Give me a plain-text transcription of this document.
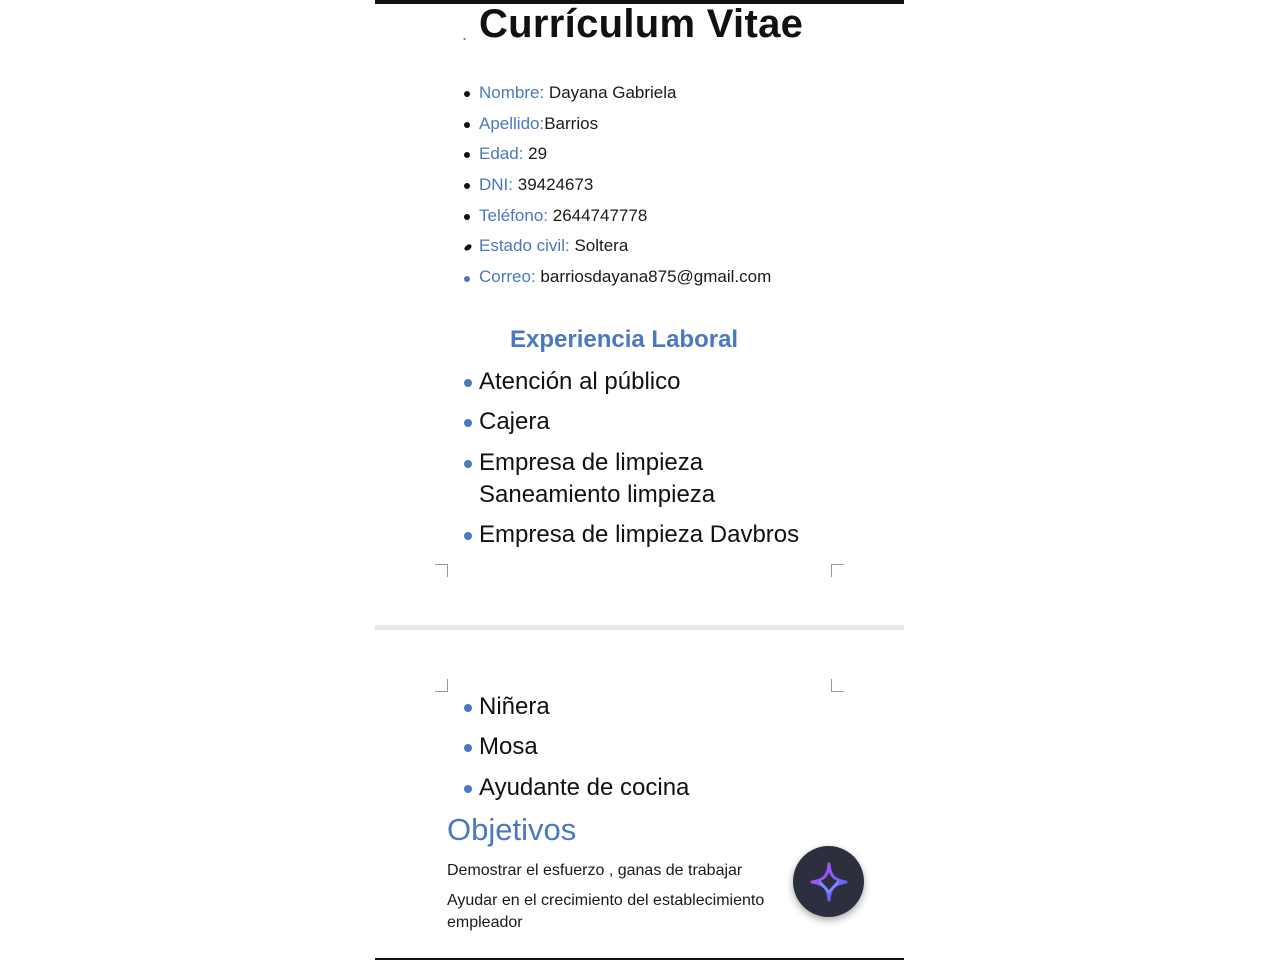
. Currículum Vitae
Nombre: Dayana Gabriela
Apellido:Barrios
Edad: 29
DNI: 39424673
Teléfono: 2644747778
Estado civil: Soltera
Correo: barriosdayana875@gmail.com
Experiencia Laboral
Atención al público
Cajera
Empresa de limpieza
Saneamiento limpieza
Empresa de limpieza Davbros
Niñera
Mosa
Ayudante de cocina
Objetivos
Demostrar el esfuerzo , ganas de trabajar
Ayudar en el crecimiento del establecimiento
empleador
